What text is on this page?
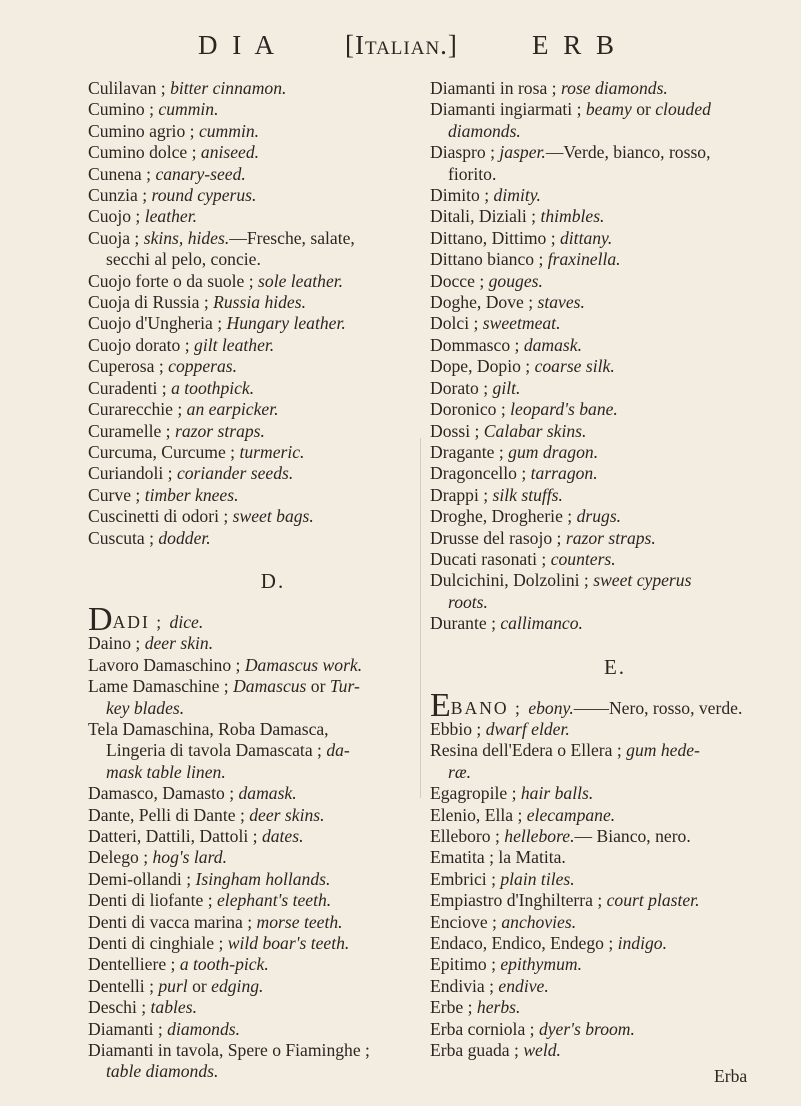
D I A [Italian.]	E R B
Culilavan ; bitter cinnamon.
Cumino ; cummin.
Cumino agrio ; cummin.
Cumino dolce ; aniseed.
Cunena ; canary-seed.
Cunzia ; round cyperus.
Cuojo ; leather.
Cuoja ; skins, hides.—Fresche, salate,
secchi al pelo, concie.
Cuojo forte o da suole ; sole leather.
Cuoja di Russia ; Russia hides.
Cuojo d'Ungheria ; Hungary leather.
Cuojo dorato ; gilt leather.
Cuperosa ; copperas.
Curadenti ; a toothpick.
Curarecchie ; an earpicker.
Curamelle ; razor straps.
Curcuma, Curcume ; turmeric.
Curiandoli ; coriander seeds.
Curve ; timber knees.
Cuscinetti di odori ; sweet bags.
Cuscuta ; dodder.
D.
DADI ; dice.
Daino ; deer skin.
Lavoro Damaschino ; Damascus work.
Lame Damaschine ; Damascus or Tur-
key blades.
Tela Damaschina, Roba Damasca,
Lingeria di tavola Damascata ; da-
mask table linen.
Damasco, Damasto ; damask.
Dante, Pelli di Dante ; deer skins.
Datteri, Dattili, Dattoli ; dates.
Delego ; hog's lard.
Demi-ollandi ; Isingham hollands.
Denti di liofante ; elephant's teeth.
Denti di vacca marina ; morse teeth.
Denti di cinghiale ; wild boar's teeth.
Dentelliere ; a tooth-pick.
Dentelli ; purl or edging.
Deschi ; tables.
Diamanti ; diamonds.
Diamanti in tavola, Spere o Fiaminghe ;
table diamonds.
Diamanti in rosa ; rose diamonds.
Diamanti ingiarmati ; beamy or clouded
diamonds.
Diaspro ; jasper.—Verde, bianco, rosso,
fiorito.
Dimito ; dimity.
Ditali, Diziali ; thimbles.
Dittano, Dittimo ; dittany.
Dittano bianco ; fraxinella.
Docce ; gouges.
Doghe, Dove ; staves.
Dolci ; sweetmeat.
Dommasco ; damask.
Dope, Dopio ; coarse silk.
Dorato ; gilt.
Doronico ; leopard's bane.
Dossi ; Calabar skins.
Dragante ; gum dragon.
Dragoncello ; tarragon.
Drappi ; silk stuffs.
Droghe, Drogherie ; drugs.
Drusse del rasojo ; razor straps.
Ducati rasonati ; counters.
Dulcichini, Dolzolini ; sweet cyperus
roots.
Durante ; callimanco.
E.
EBANO ; ebony.——Nero, rosso, verde.
Ebbio ; dwarf elder.
Resina dell'Edera o Ellera ; gum hede-
ræ.
Egagropile ; hair balls.
Elenio, Ella ; elecampane.
Elleboro ; hellebore.— Bianco, nero.
Ematita ; la Matita.
Embrici ; plain tiles.
Empiastro d'Inghilterra ; court plaster.
Enciove ; anchovies.
Endaco, Endico, Endego ; indigo.
Epitimo ; epithymum.
Endivia ; endive.
Erbe ; herbs.
Erba corniola ; dyer's broom.
Erba guada ; weld.
Erba
